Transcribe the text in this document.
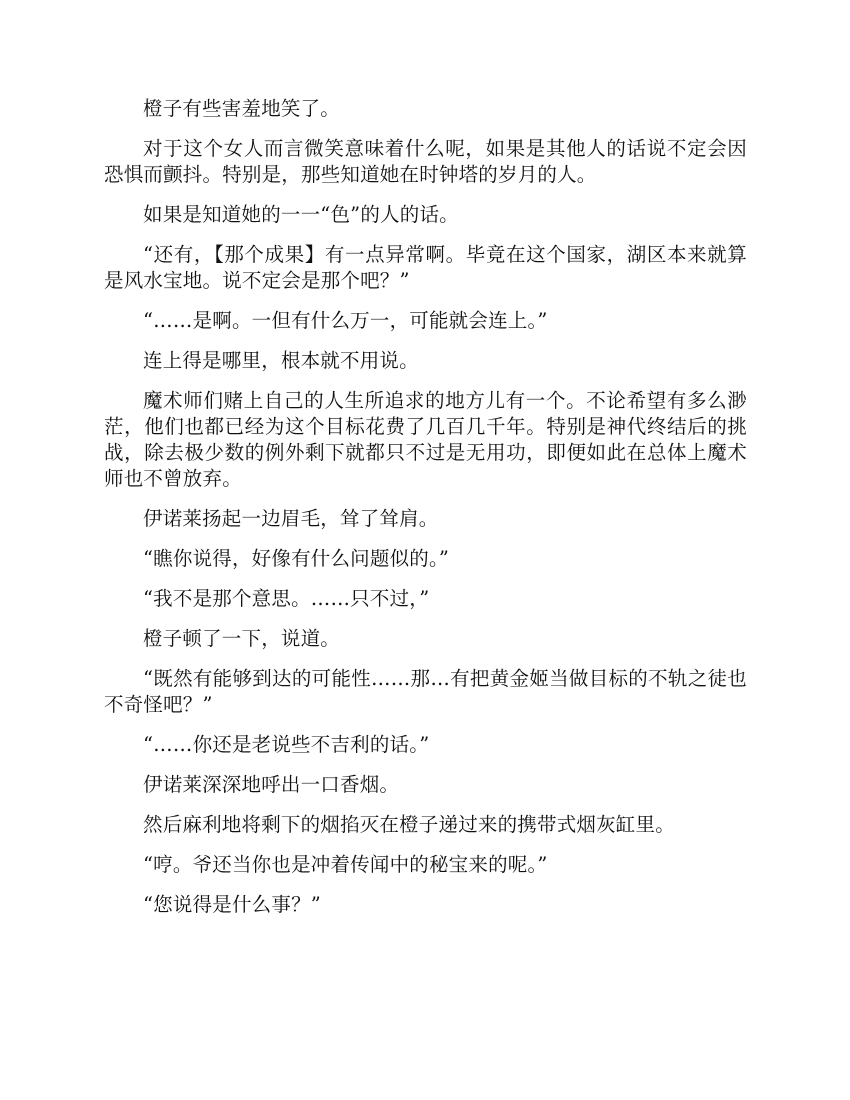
橙子有些害羞地笑了。

对于这个女人而言微笑意味着什么呢，如果是其他人的话说不定会因恐惧而颤抖。特别是，那些知道她在时钟塔的岁月的人。

如果是知道她的一一“色”的人的话。

“还有，【那个成果】有一点异常啊。毕竟在这个国家，湖区本来就算是风水宝地。说不定会是那个吧？”

“……是啊。一但有什么万一，可能就会连上。”

连上得是哪里，根本就不用说。

魔术师们赌上自己的人生所追求的地方儿有一个。不论希望有多么渺茫，他们也都已经为这个目标花费了几百几千年。特别是神代终结后的挑战，除去极少数的例外剩下就都只不过是无用功，即便如此在总体上魔术师也不曾放弃。

伊诺莱扬起一边眉毛，耸了耸肩。

“瞧你说得，好像有什么问题似的。”

“我不是那个意思。……只不过，”

橙子顿了一下，说道。

“既然有能够到达的可能性……那…有把黄金姬当做目标的不轨之徒也不奇怪吧？”

“……你还是老说些不吉利的话。”

伊诺莱深深地呼出一口香烟。

然后麻利地将剩下的烟掐灭在橙子递过来的携带式烟灰缸里。

“哼。爷还当你也是冲着传闻中的秘宝来的呢。”

“您说得是什么事？”
